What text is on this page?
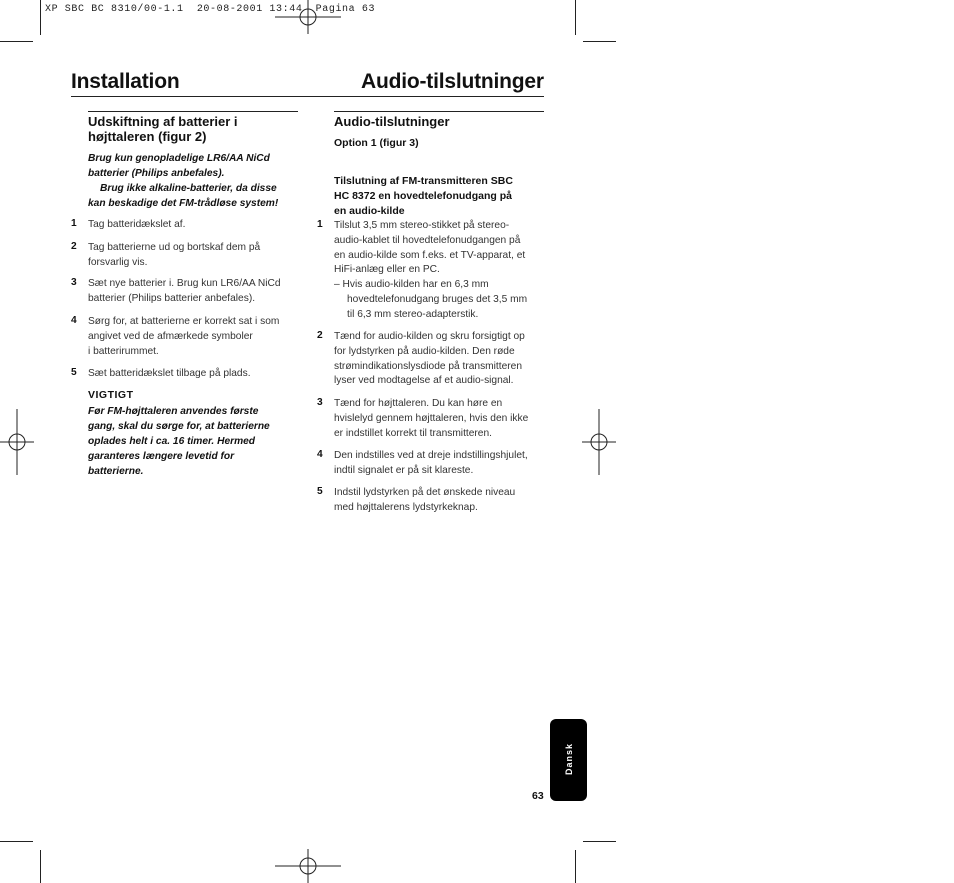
XP SBC BC 8310/00-1.1  20-08-2001 13:44  Pagina 63
Installation	Audio-tilslutninger
Udskiftning af batterier i
højttaleren (figur 2)
Brug kun genopladelige LR6/AA NiCd
batterier (Philips anbefales).
Brug ikke alkaline-batterier, da disse
kan beskadige det FM-trådløse system!
1 Tag batteridækslet af.
2 Tag batterierne ud og bortskaf dem på
forsvarlig vis.
3 Sæt nye batterier i. Brug kun LR6/AA NiCd
batterier (Philips batterier anbefales).
4 Sørg for, at batterierne er korrekt sat i som
angivet ved de afmærkede symboler
i batterirummet.
5 Sæt batteridækslet tilbage på plads.
VIGTIGT
Før FM-højttaleren anvendes første
gang, skal du sørge for, at batterierne
oplades helt i ca. 16 timer. Hermed
garanteres længere levetid for
batterierne.
Audio-tilslutninger
Option 1 (figur 3)
Tilslutning af FM-transmitteren SBC
HC 8372 en hovedtelefonudgang på
en audio-kilde
1 Tilslut 3,5 mm stereo-stikket på stereo-
audio-kablet til hovedtelefonudgangen på
en audio-kilde som f.eks. et TV-apparat, et
HiFi-anlæg eller en PC.
– Hvis audio-kilden har en 6,3 mm
hovedtelefonudgang bruges det 3,5 mm
til 6,3 mm stereo-adapterstik.
2 Tænd for audio-kilden og skru forsigtigt op
for lydstyrken på audio-kilden. Den røde
strømindikationslysdiode på transmitteren
lyser ved modtagelse af et audio-signal.
3 Tænd for højttaleren. Du kan høre en
hvislelyd gennem højttaleren, hvis den ikke
er indstillet korrekt til transmitteren.
4 Den indstilles ved at dreje indstillingshjulet,
indtil signalet er på sit klareste.
5 Indstil lydstyrken på det ønskede niveau
med højttalerens lydstyrkeknap.
Dansk
63
